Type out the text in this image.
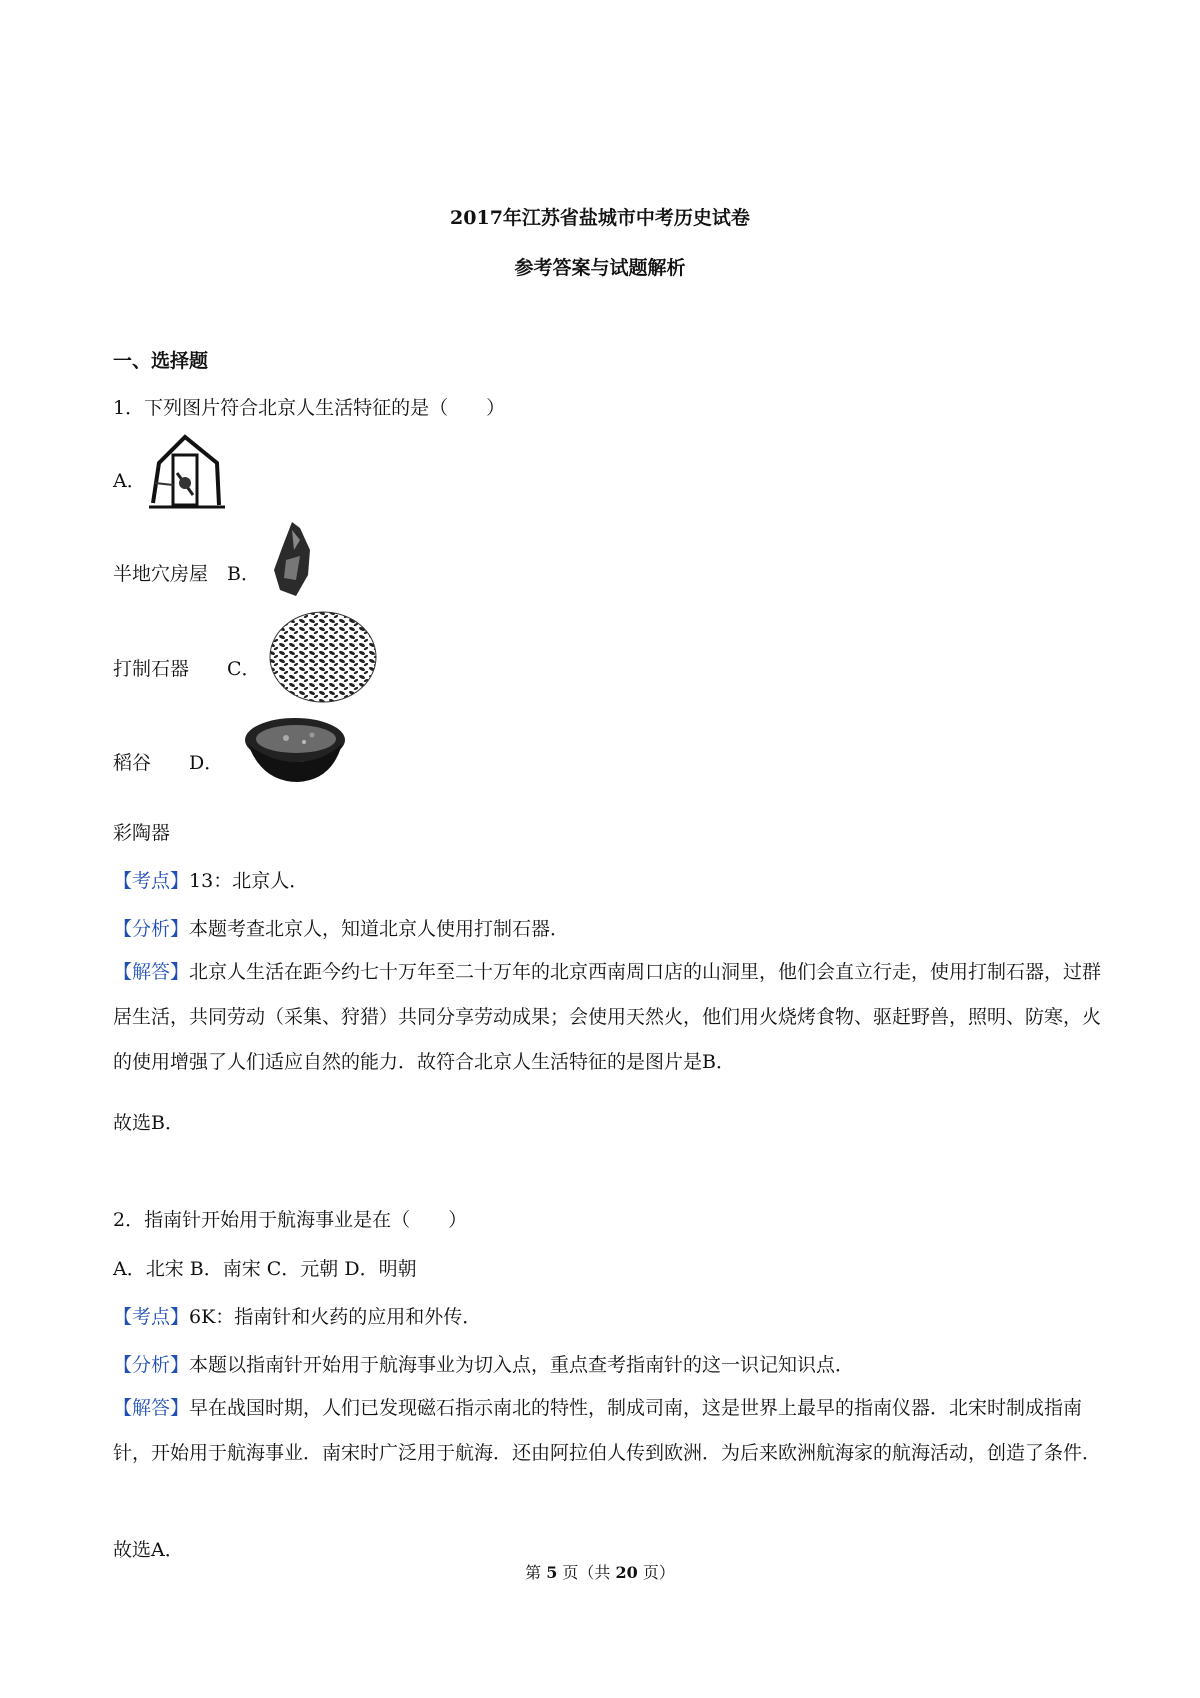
2017年江苏省盐城市中考历史试卷
参考答案与试题解析
一、选择题
1．下列图片符合北京人生活特征的是（　　）
A．
半地穴房屋　B．
打制石器　　C．
稻谷　　D．
彩陶器
【考点】13：北京人．
【分析】本题考查北京人，知道北京人使用打制石器．
【解答】北京人生活在距今约七十万年至二十万年的北京西南周口店的山洞里，他们会直立行走，使用打制石器，过群居生活，共同劳动（采集、狩猎）共同分享劳动成果；会使用天然火，他们用火烧烤食物、驱赶野兽，照明、防寒，火的使用增强了人们适应自然的能力．故符合北京人生活特征的是图片是B．
故选B．
2．指南针开始用于航海事业是在（　　）
A．北宋 B．南宋 C．元朝 D．明朝
【考点】6K：指南针和火药的应用和外传．
【分析】本题以指南针开始用于航海事业为切入点，重点查考指南针的这一识记知识点．
【解答】早在战国时期，人们已发现磁石指示南北的特性，制成司南，这是世界上最早的指南仪器．北宋时制成指南针，开始用于航海事业．南宋时广泛用于航海．还由阿拉伯人传到欧洲．为后来欧洲航海家的航海活动，创造了条件．
故选A．
第 5 页（共 20 页）
